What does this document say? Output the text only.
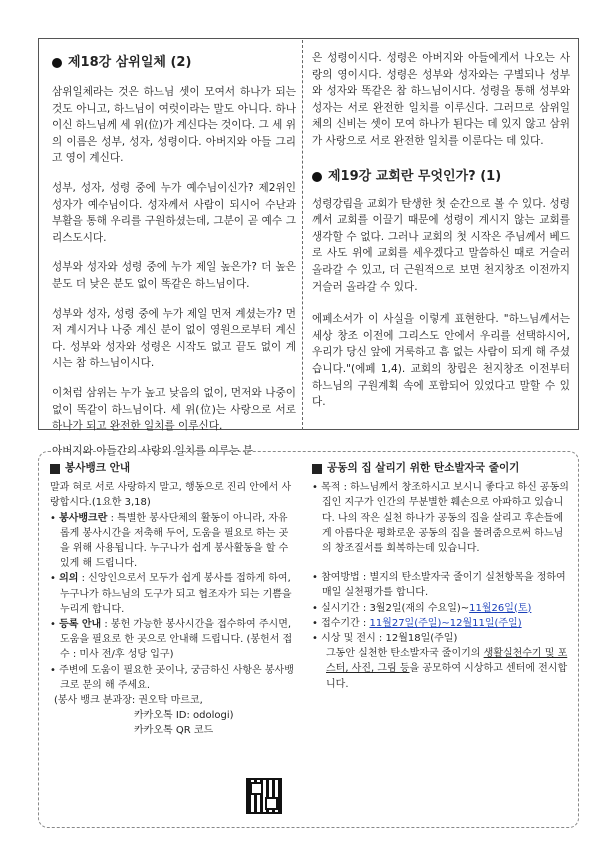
제18강 삼위일체 (2)

삼위일체라는 것은 하느님 셋이 모여서 하나가 되는 것도 아니고, 하느님이 여럿이라는 말도 아니다. 하나이신 하느님께 세 위(位)가 계신다는 것이다. 그 세 위의 이름은 성부, 성자, 성령이다. 아버지와 아들 그리고 영이 계신다.

성부, 성자, 성령 중에 누가 예수님이신가? 제2위인 성자가 예수님이다. 성자께서 사람이 되시어 수난과 부활을 통해 우리를 구원하셨는데, 그분이 곧 예수 그리스도시다.

성부와 성자와 성령 중에 누가 제일 높은가? 더 높은 분도 더 낮은 분도 없이 똑같은 하느님이다.

성부와 성자, 성령 중에 누가 제일 먼저 계셨는가? 먼저 계시거나 나중 계신 분이 없이 영원으로부터 계신다. 성부와 성자와 성령은 시작도 없고 끝도 없이 계시는 참 하느님이시다.

이처럼 삼위는 누가 높고 낮음의 없이, 먼저와 나중이 없이 똑같이 하느님이다. 세 위(位)는 사랑으로 서로 하나가 되고 완전한 일치를 이루신다.

아버지와 아들간의 사랑의 일치를 이루는 분

은 성령이시다. 성령은 아버지와 아들에게서 나오는 사랑의 영이시다. 성령은 성부와 성자와는 구별되나 성부와 성자와 똑같은 참 하느님이시다. 성령을 통해 성부와 성자는 서로 완전한 일치를 이루신다. 그러므로 삼위일체의 신비는 셋이 모여 하나가 된다는 데 있지 않고 삼위가 사랑으로 서로 완전한 일치를 이룬다는 데 있다.

제19강 교회란 무엇인가? (1)

성령강림을 교회가 탄생한 첫 순간으로 볼 수 있다. 성령께서 교회를 이끌기 때문에 성령이 계시지 않는 교회를 생각할 수 없다. 그러나 교회의 첫 시작은 주님께서 베드로 사도 위에 교회를 세우겠다고 말씀하신 때로 거슬러 올라갈 수 있고, 더 근원적으로 보면 천지창조 이전까지 거슬러 올라갈 수 있다.

에페소서가 이 사실을 이렇게 표현한다. "하느님께서는 세상 창조 이전에 그리스도 안에서 우리를 선택하시어, 우리가 당신 앞에 거룩하고 흠 없는 사람이 되게 해 주셨습니다."(에페 1,4). 교회의 창립은 천지창조 이전부터 하느님의 구원계획 속에 포함되어 있었다고 말할 수 있다.

봉사뱅크 안내

말과 혀로 서로 사랑하지 말고, 행동으로 진리 안에서 사랑합시다.(1요한 3,18)

• 봉사뱅크란 : 특별한 봉사단체의 활동이 아니라, 자유롭게 봉사시간을 저축해 두어, 도움을 필요로 하는 곳을 위해 사용됩니다. 누구나가 쉽게 봉사활동을 할 수 있게 해 드립니다.

• 의의 : 신앙인으로서 모두가 쉽게 봉사를 접하게 하여, 누구나가 하느님의 도구가 되고 협조자가 되는 기쁨을 누리게 합니다.

• 등록 안내 : 봉헌 가능한 봉사시간을 접수하여 주시면, 도움을 필요로 한 곳으로 안내해 드립니다. (봉헌서 접수 : 미사 전/후 성당 입구)

• 주변에 도움이 필요한 곳이나, 궁금하신 사항은 봉사뱅크로 문의 해 주세요.

(봉사 뱅크 분과장: 권오탁 마르코,

카카오톡 ID: odologi)

카카오톡 QR 코드

공동의 집 살리기 위한 탄소발자국 줄이기

• 목적 : 하느님께서 창조하시고 보시니 좋다고 하신 공동의 집인 지구가 인간의 무분별한 훼손으로 아파하고 있습니다. 나의 작은 실천 하나가 공동의 집을 살리고 후손들에게 아름다운 평화로운 공동의 집을 물려줌으로써 하느님의 창조질서를 회복하는데 있습니다.

• 참여방법 : 별지의 탄소발자국 줄이기 실천항목을 정하여 매일 실천평가를 합니다.

• 실시기간 : 3월2일(재의 수요일)~11월26일(토)

• 접수기간 : 11월27일(주일)~12월11일(주일)

• 시상 및 전시 : 12월18일(주일)

그동안 실천한 탄소발자국 줄이기의 생활실천수기 및 포스터, 사진, 그림 등을 공모하여 시상하고 센터에 전시합니다.
